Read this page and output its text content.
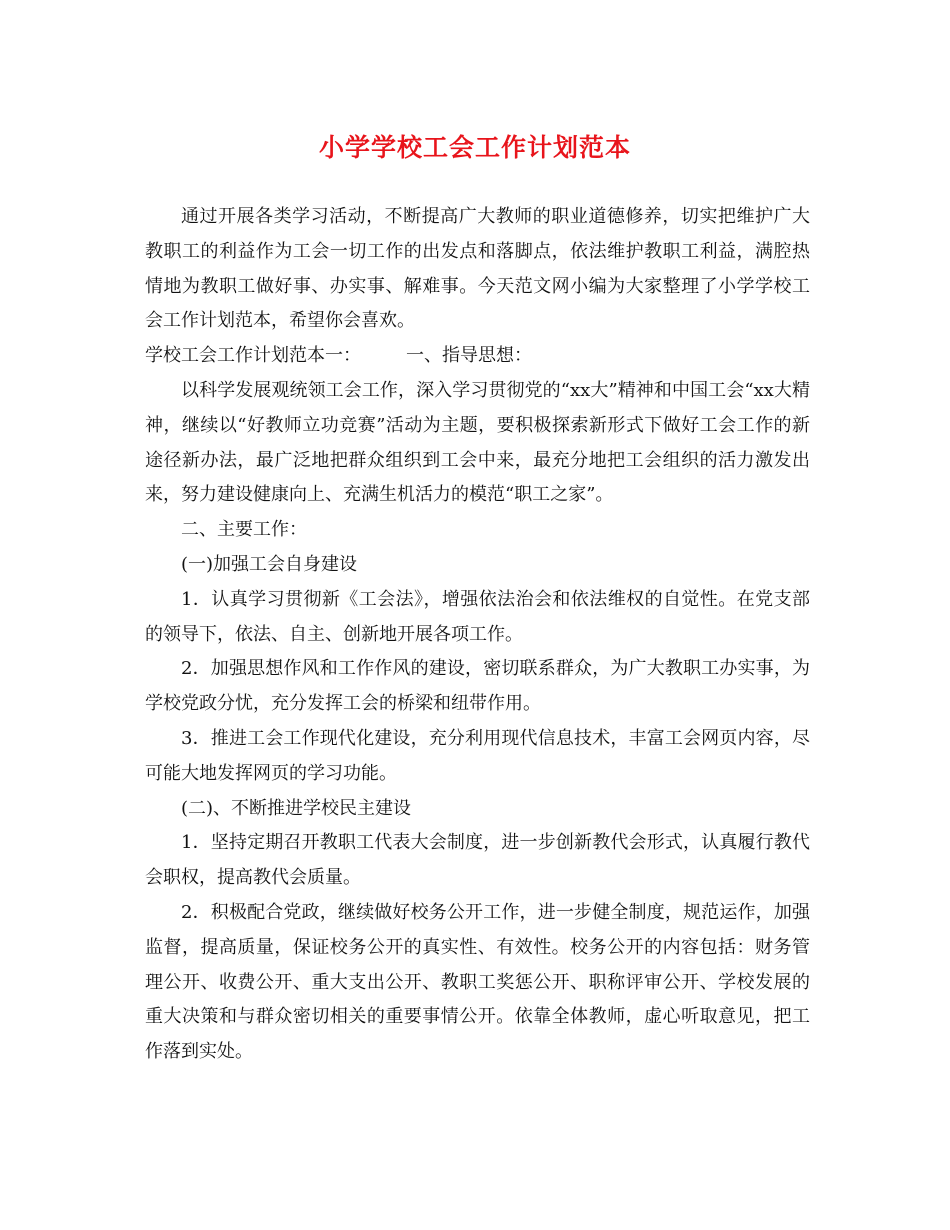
小学学校工会工作计划范本

通过开展各类学习活动，不断提高广大教师的职业道德修养，切实把维护广大教职工的利益作为工会一切工作的出发点和落脚点，依法维护教职工利益，满腔热情地为教职工做好事、办实事、解难事。今天范文网小编为大家整理了小学学校工会工作计划范本，希望你会喜欢。

学校工会工作计划范本一：　　　一、指导思想：

以科学发展观统领工会工作，深入学习贯彻党的“xx大”精神和中国工会“xx大精神，继续以“好教师立功竞赛”活动为主题，要积极探索新形式下做好工会工作的新途径新办法，最广泛地把群众组织到工会中来，最充分地把工会组织的活力激发出来，努力建设健康向上、充满生机活力的模范“职工之家”。

二、主要工作：

(一)加强工会自身建设

1．认真学习贯彻新《工会法》，增强依法治会和依法维权的自觉性。在党支部的领导下，依法、自主、创新地开展各项工作。

2．加强思想作风和工作作风的建设，密切联系群众，为广大教职工办实事，为学校党政分忧，充分发挥工会的桥梁和纽带作用。

3．推进工会工作现代化建设，充分利用现代信息技术，丰富工会网页内容，尽可能大地发挥网页的学习功能。

(二)、不断推进学校民主建设

1．坚持定期召开教职工代表大会制度，进一步创新教代会形式，认真履行教代会职权，提高教代会质量。

2．积极配合党政，继续做好校务公开工作，进一步健全制度，规范运作，加强监督，提高质量，保证校务公开的真实性、有效性。校务公开的内容包括：财务管理公开、收费公开、重大支出公开、教职工奖惩公开、职称评审公开、学校发展的重大决策和与群众密切相关的重要事情公开。依靠全体教师，虚心听取意见，把工作落到实处。
